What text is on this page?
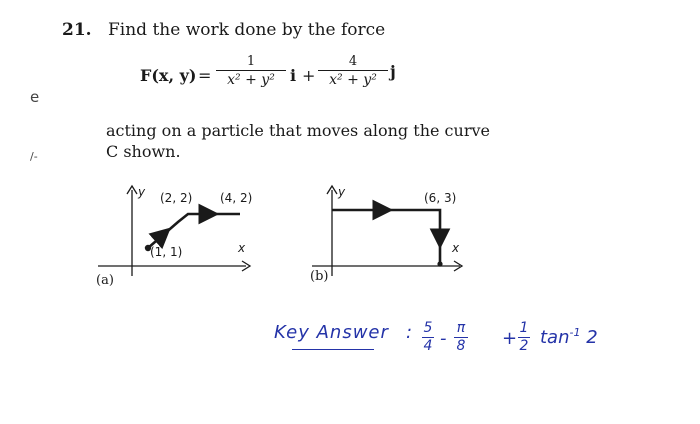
21. Find the work done by the force
e
/-
F(x, y) =
1
x² + y² i +
4
x² + y² j
acting on a particle that moves along the curve
C shown.
y
x
(1, 1)
(2, 2) (4, 2)
(a)
y
x
(6, 3)
(b)
Key Answer : 5
4 - π
8 + 1
2 $\tan^{-1} 2$
